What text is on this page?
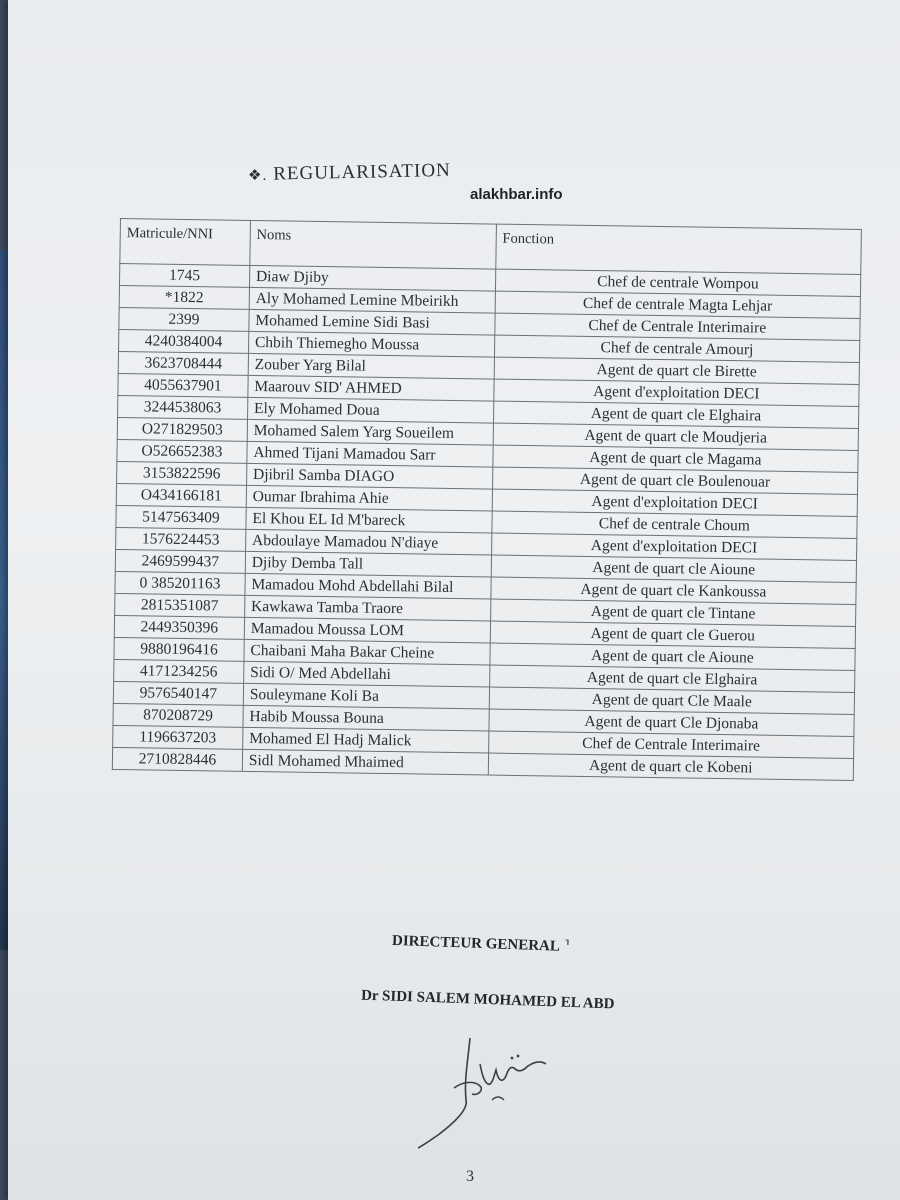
❖. REGULARISATION
alakhbar.info
Matricule/NNI	Noms	Fonction
1745	Diaw Djiby	Chef de centrale Wompou
*1822	Aly Mohamed Lemine Mbeirikh	Chef de centrale Magta Lehjar
2399	Mohamed Lemine Sidi Basi	Chef de Centrale Interimaire
4240384004	Chbih Thiemegho Moussa	Chef de centrale Amourj
3623708444	Zouber Yarg Bilal	Agent de quart cle Birette
4055637901	Maarouv SID' AHMED	Agent d'exploitation DECI
3244538063	Ely Mohamed Doua	Agent de quart cle Elghaira
O271829503	Mohamed Salem Yarg Soueilem	Agent de quart cle Moudjeria
O526652383	Ahmed Tijani Mamadou Sarr	Agent de quart cle Magama
3153822596	Djibril Samba DIAGO	Agent de quart cle Boulenouar
O434166181	Oumar Ibrahima Ahie	Agent d'exploitation DECI
5147563409	El Khou EL Id M'bareck	Chef de centrale Choum
1576224453	Abdoulaye Mamadou N'diaye	Agent d'exploitation DECI
2469599437	Djiby Demba Tall	Agent de quart cle Aioune
0 385201163	Mamadou Mohd Abdellahi Bilal	Agent de quart cle Kankoussa
2815351087	Kawkawa Tamba Traore	Agent de quart cle Tintane
2449350396	Mamadou Moussa LOM	Agent de quart cle Guerou
9880196416	Chaibani Maha Bakar Cheine	Agent de quart cle Aioune
4171234256	Sidi O/ Med Abdellahi	Agent de quart cle Elghaira
9576540147	Souleymane Koli Ba	Agent de quart Cle Maale
870208729	Habib Moussa Bouna	Agent de quart Cle Djonaba
1196637203	Mohamed El Hadj Malick	Chef de Centrale Interimaire
2710828446	Sidl Mohamed Mhaimed	Agent de quart cle Kobeni
DIRECTEUR GENERAL ⸣
Dr SIDI SALEM MOHAMED EL ABD
3
